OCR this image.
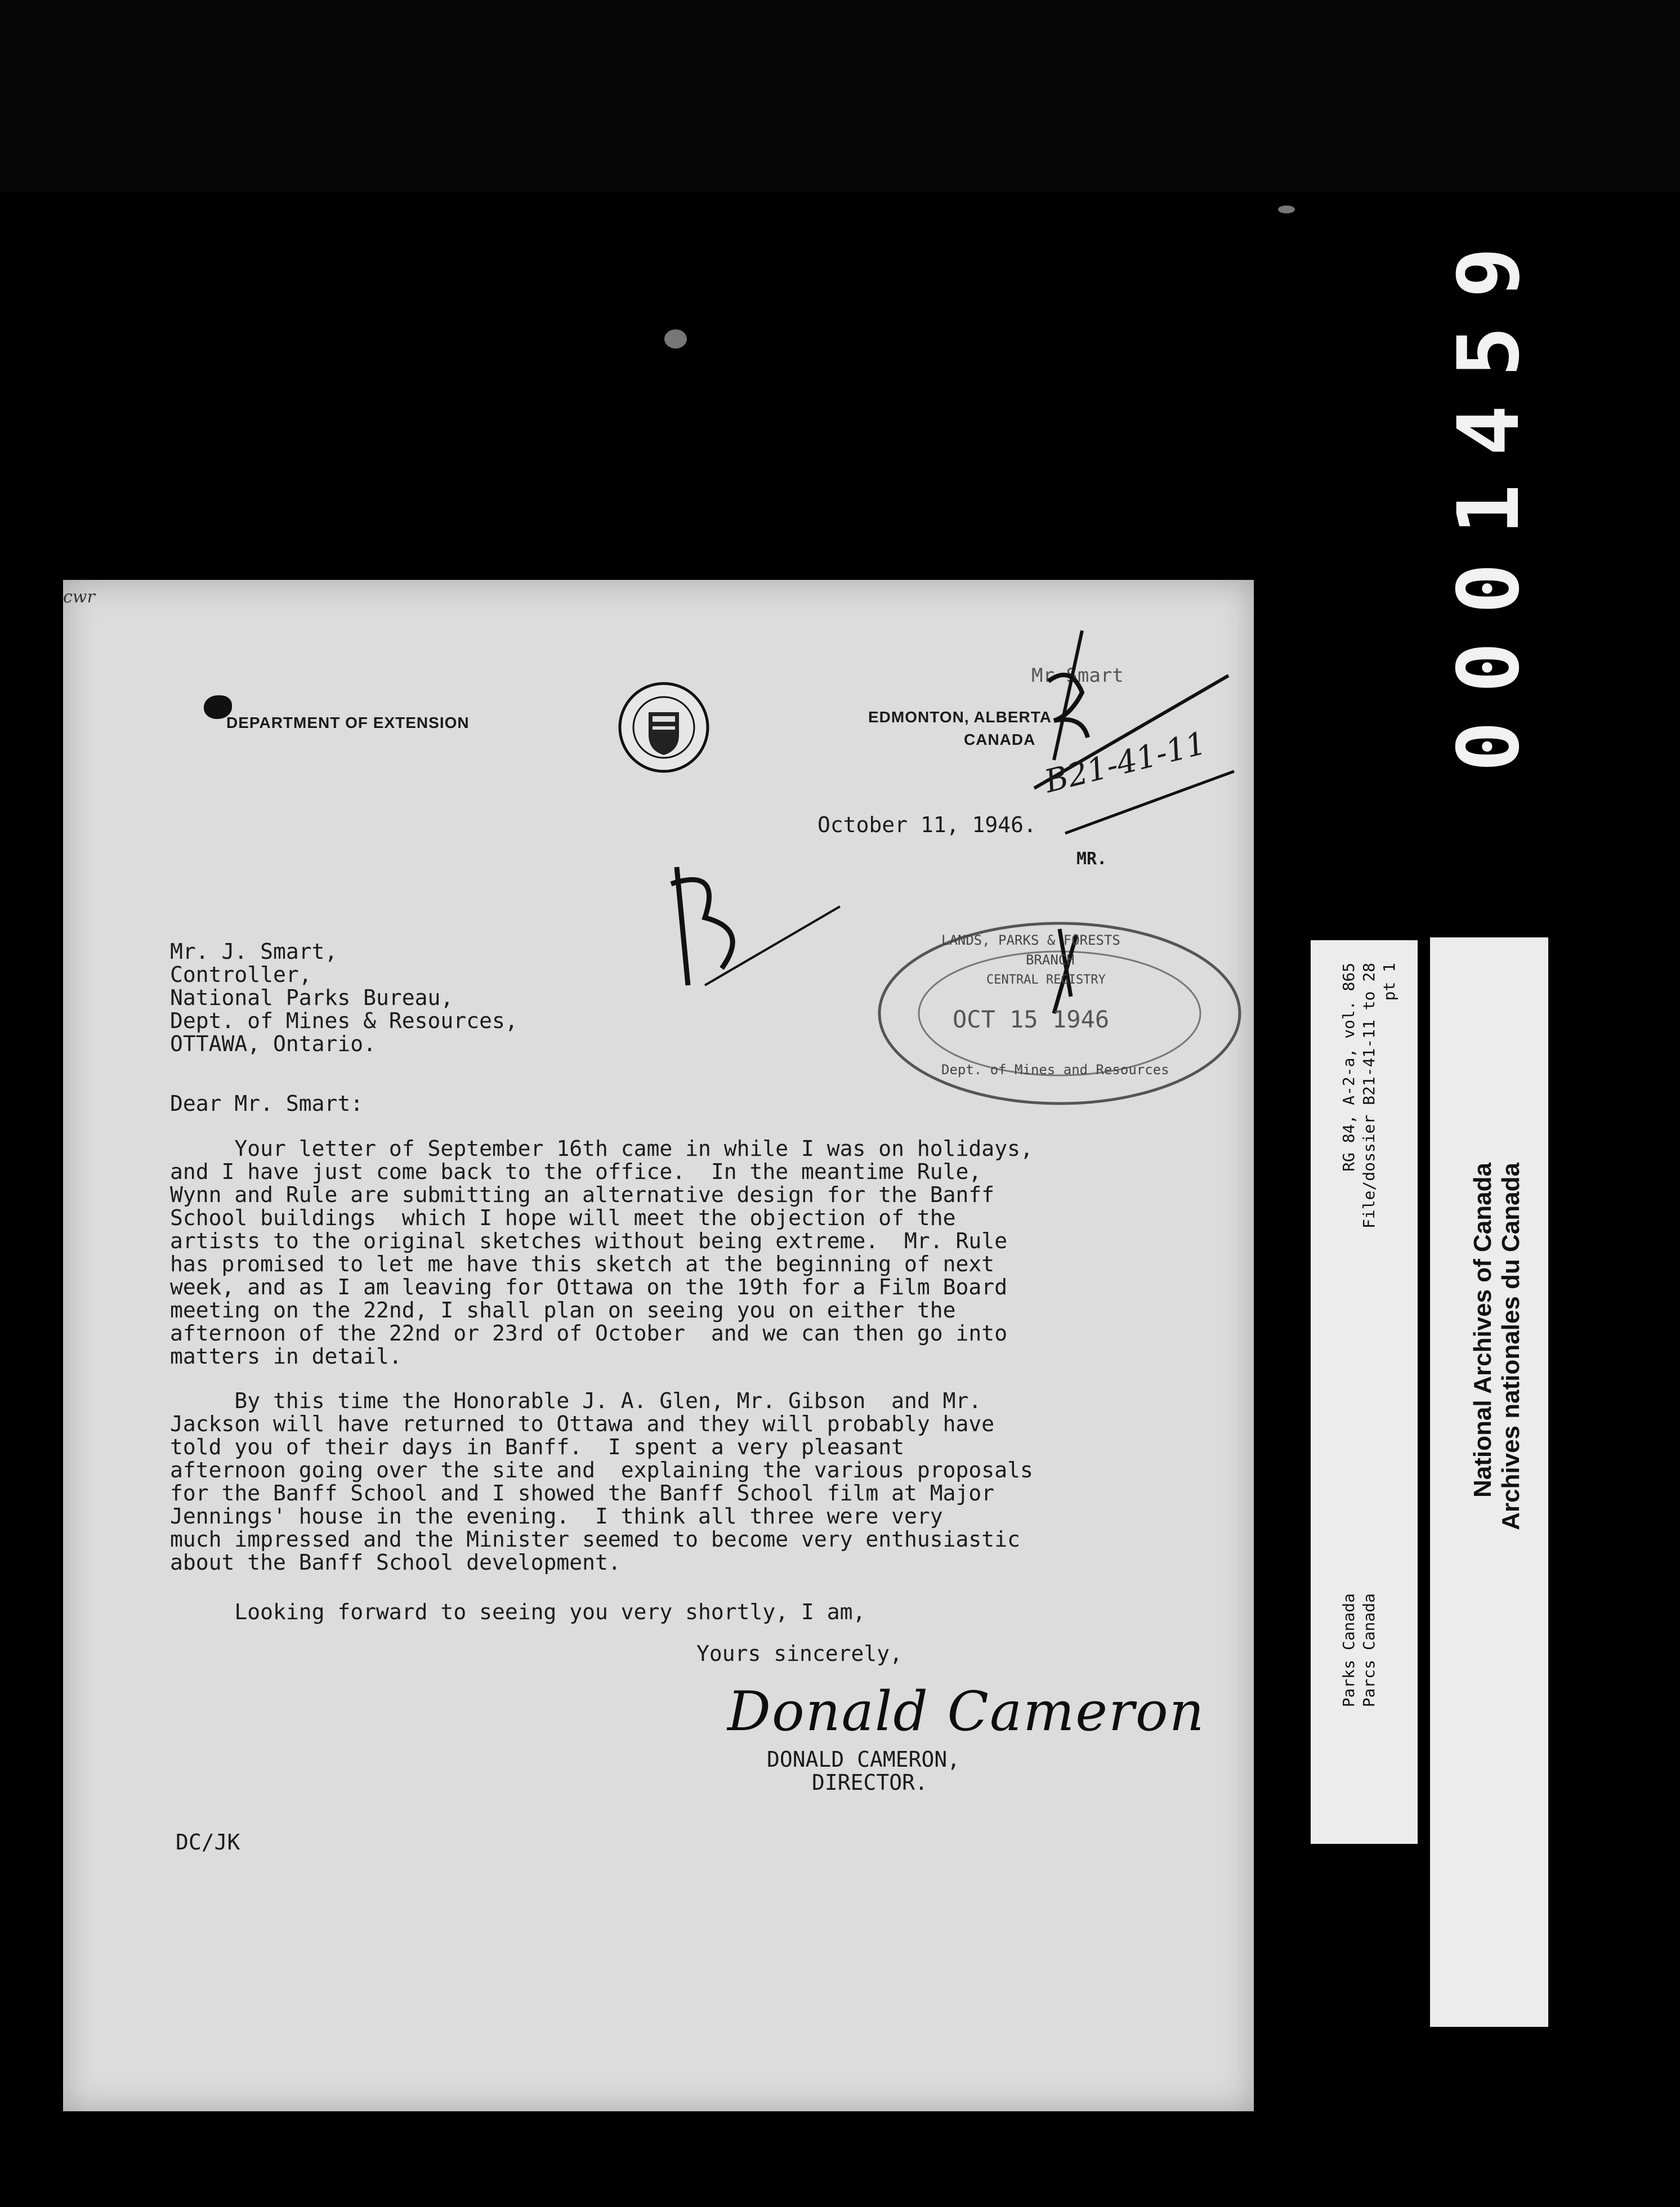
0001459
DEPARTMENT OF EXTENSION	EDMONTON, ALBERTA
CANADA
Mr Smart
B21-41-11
October 11, 1946.
MR.
LANDS, PARKS & FORESTS
BRANCH
CENTRAL REGISTRY
OCT 15 1946
Dept. of Mines and Resources
Mr. J. Smart,
Controller,
National Parks Bureau,
Dept. of Mines & Resources,
OTTAWA, Ontario.
Dear Mr. Smart:
Your letter of September 16th came in while I was on holidays,
and I have just come back to the office.  In the meantime Rule,
Wynn and Rule are submitting an alternative design for the Banff
School buildings  which I hope will meet the objection of the
artists to the original sketches without being extreme.  Mr. Rule
has promised to let me have this sketch at the beginning of next
week, and as I am leaving for Ottawa on the 19th for a Film Board
meeting on the 22nd, I shall plan on seeing you on either the
afternoon of the 22nd or 23rd of October  and we can then go into
matters in detail.
By this time the Honorable J. A. Glen, Mr. Gibson  and Mr.
Jackson will have returned to Ottawa and they will probably have
told you of their days in Banff.  I spent a very pleasant
afternoon going over the site and  explaining the various proposals
for the Banff School and I showed the Banff School film at Major
Jennings' house in the evening.  I think all three were very
much impressed and the Minister seemed to become very enthusiastic
about the Banff School development.
Looking forward to seeing you very shortly, I am,
Yours sincerely,
Donald Cameron
DONALD CAMERON,
DIRECTOR.
DC/JK
cwr
RG 84, A-2-a, vol. 865 File/dossier B21-41-11 to 28 pt 1
Parks Canada Parcs Canada
National Archives of Canada Archives nationales du Canada
